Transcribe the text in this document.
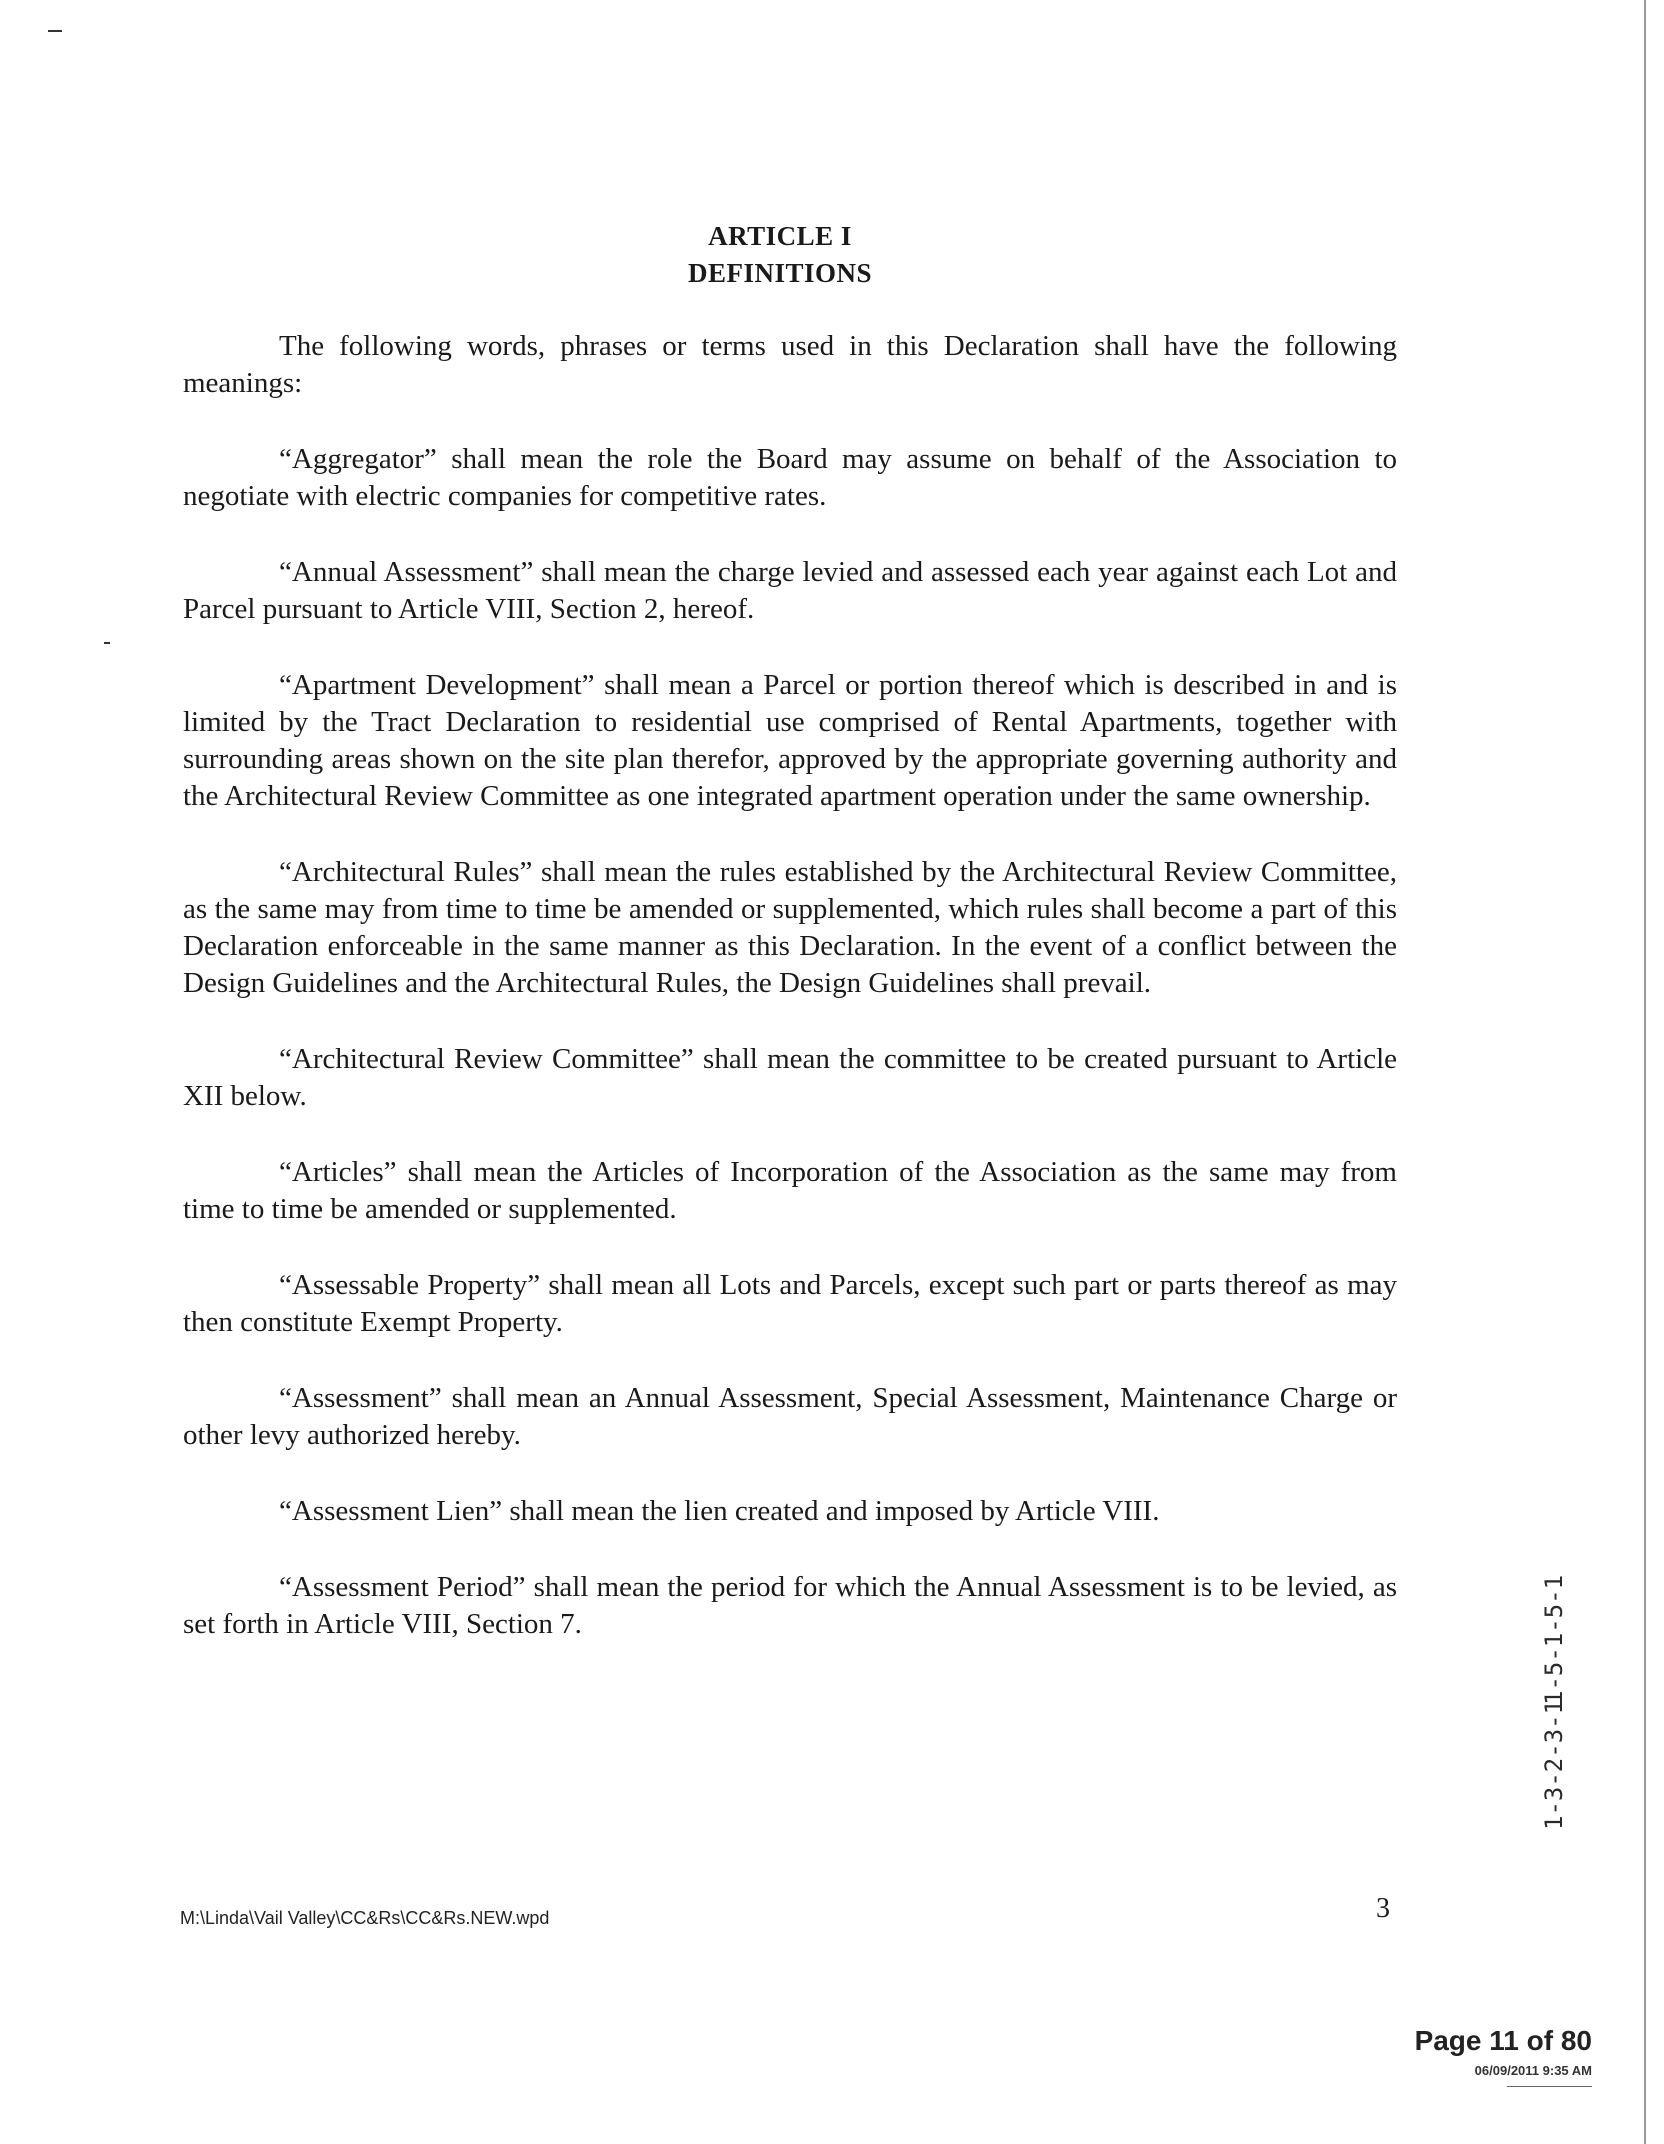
ARTICLE I
DEFINITIONS

The following words, phrases or terms used in this Declaration shall have the following meanings:

“Aggregator” shall mean the role the Board may assume on behalf of the Association to negotiate with electric companies for competitive rates.

“Annual Assessment” shall mean the charge levied and assessed each year against each Lot and Parcel pursuant to Article VIII, Section 2, hereof.

“Apartment Development” shall mean a Parcel or portion thereof which is described in and is limited by the Tract Declaration to residential use comprised of Rental Apartments, together with surrounding areas shown on the site plan therefor, approved by the appropriate governing authority and the Architectural Review Committee as one integrated apartment operation under the same ownership.

“Architectural Rules” shall mean the rules established by the Architectural Review Committee, as the same may from time to time be amended or supplemented, which rules shall become a part of this Declaration enforceable in the same manner as this Declaration. In the event of a conflict between the Design Guidelines and the Architectural Rules, the Design Guidelines shall prevail.

“Architectural Review Committee” shall mean the committee to be created pursuant to Article XII below.

“Articles” shall mean the Articles of Incorporation of the Association as the same may from time to time be amended or supplemented.

“Assessable Property” shall mean all Lots and Parcels, except such part or parts thereof as may then constitute Exempt Property.

“Assessment” shall mean an Annual Assessment, Special Assessment, Maintenance Charge or other levy authorized hereby.

“Assessment Lien” shall mean the lien created and imposed by Article VIII.

“Assessment Period” shall mean the period for which the Annual Assessment is to be levied, as set forth in Article VIII, Section 7.	1‑5‑1‑5‑1
1‑3‑2‑3‑1
M:\Linda\Vail Valley\CC&Rs\CC&Rs.NEW.wpd	3
Page 11 of 80
06/09/2011 9:35 AM
